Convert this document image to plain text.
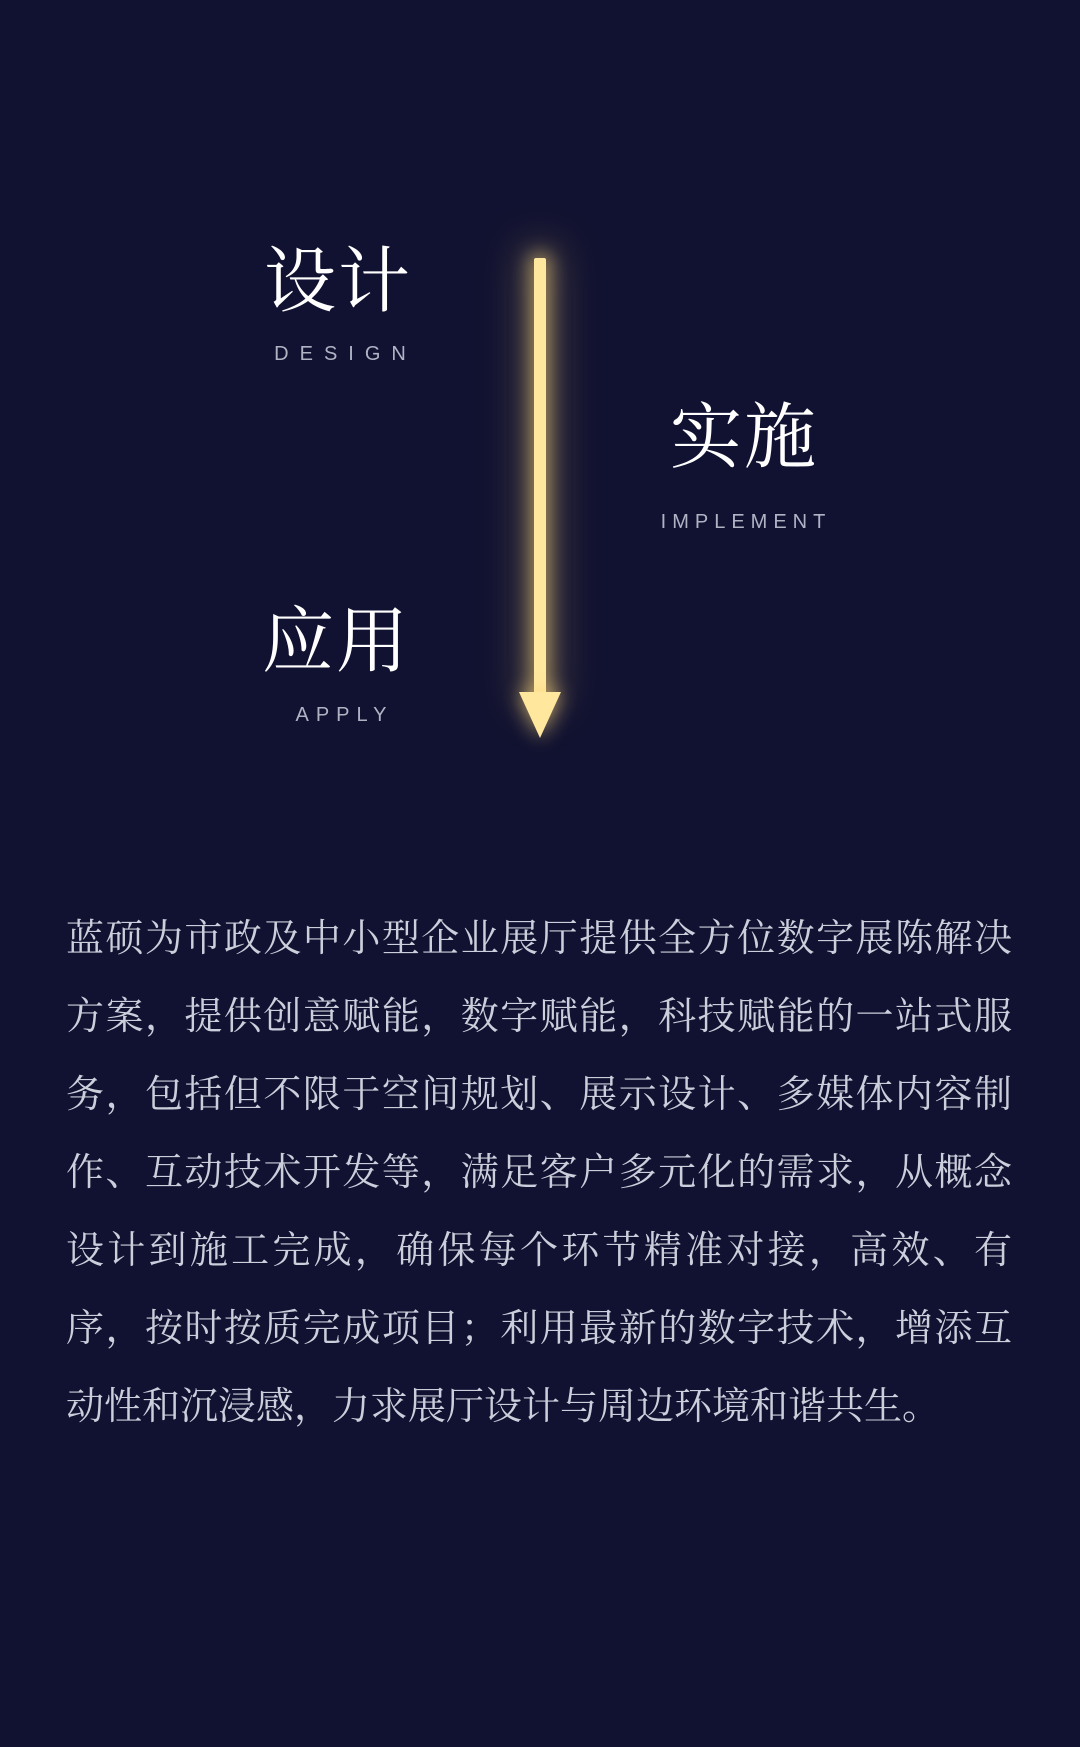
设计
DESIGN
实施
IMPLEMENT
应用
APPLY
蓝硕为市政及中小型企业展厅提供全方位数字展陈解决
方案，提供创意赋能，数字赋能，科技赋能的一站式服
务，包括但不限于空间规划、展示设计、多媒体内容制
作、互动技术开发等，满足客户多元化的需求，从概念
设计到施工完成，确保每个环节精准对接，高效、有
序，按时按质完成项目；利用最新的数字技术，增添互
动性和沉浸感，力求展厅设计与周边环境和谐共生。
